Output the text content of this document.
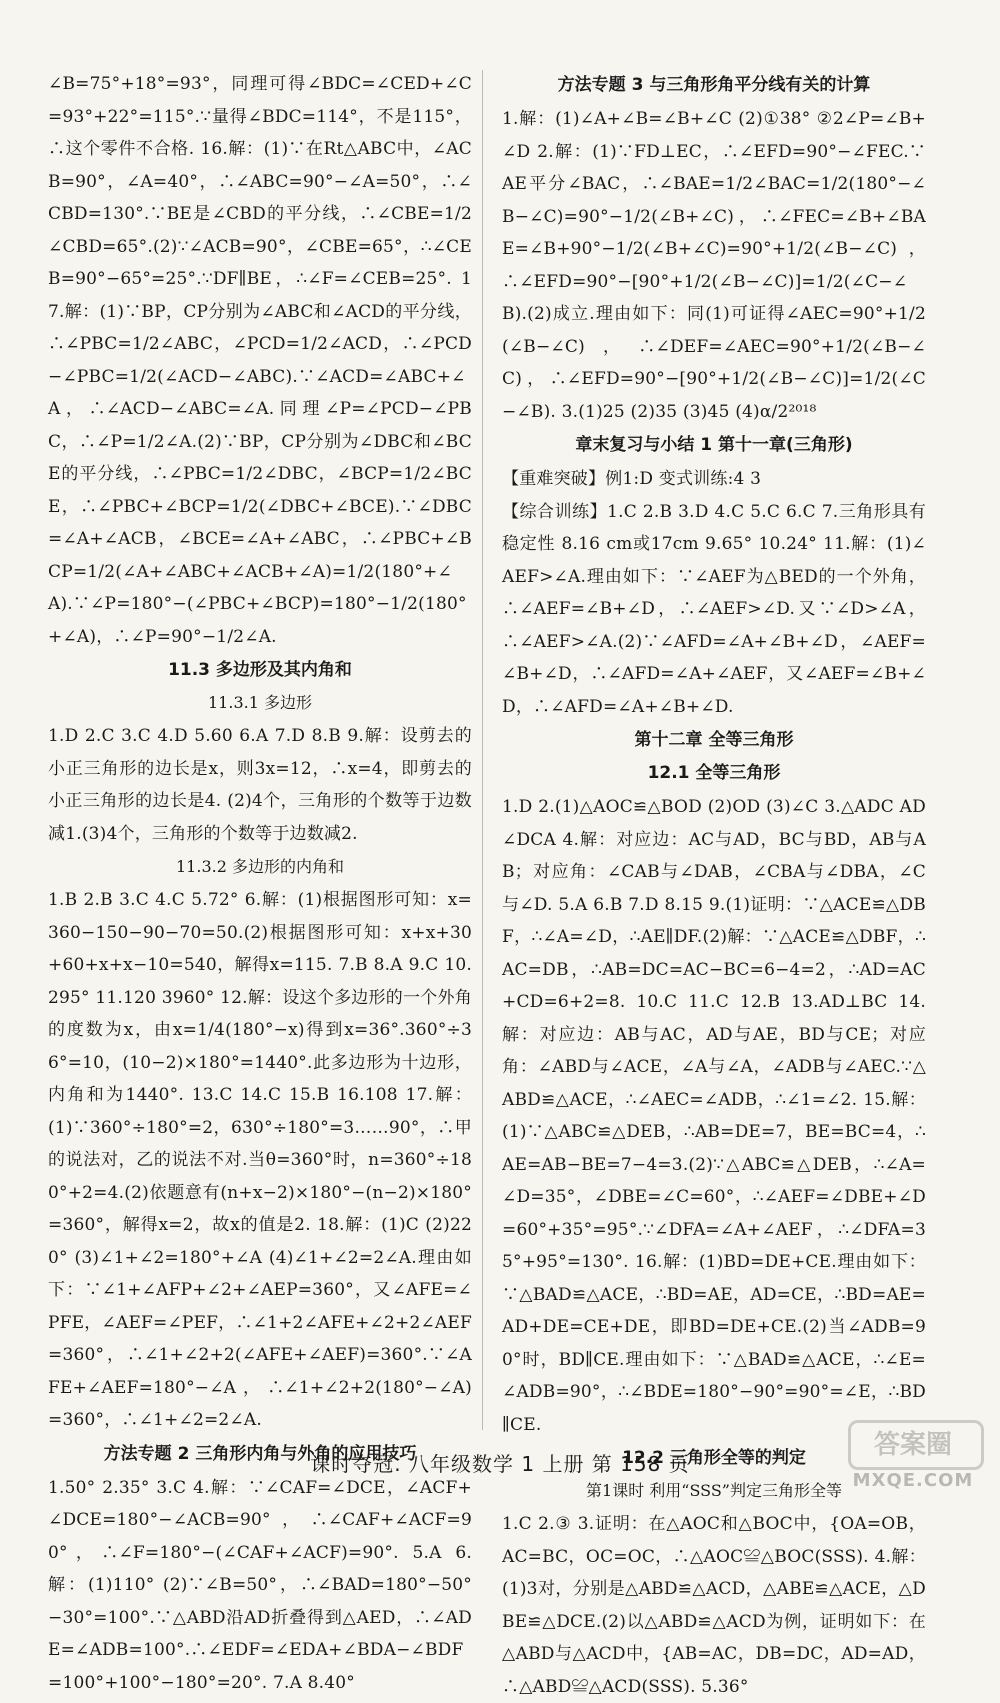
∠B=75°+18°=93°，同理可得∠BDC=∠CED+∠C=93°+22°=115°.∵量得∠BDC=114°，不是115°，∴这个零件不合格. 16.解：(1)∵在Rt△ABC中，∠ACB=90°，∠A=40°，∴∠ABC=90°−∠A=50°，∴∠CBD=130°.∵BE是∠CBD的平分线，∴∠CBE=1/2∠CBD=65°.(2)∵∠ACB=90°，∠CBE=65°，∴∠CEB=90°−65°=25°.∵DF∥BE，∴∠F=∠CEB=25°. 17.解：(1)∵BP，CP分别为∠ABC和∠ACD的平分线，∴∠PBC=1/2∠ABC，∠PCD=1/2∠ACD，∴∠PCD−∠PBC=1/2(∠ACD−∠ABC).∵∠ACD=∠ABC+∠A，∴∠ACD−∠ABC=∠A.同理∠P=∠PCD−∠PBC，∴∠P=1/2∠A.(2)∵BP，CP分别为∠DBC和∠BCE的平分线，∴∠PBC=1/2∠DBC，∠BCP=1/2∠BCE，∴∠PBC+∠BCP=1/2(∠DBC+∠BCE).∵∠DBC=∠A+∠ACB，∠BCE=∠A+∠ABC，∴∠PBC+∠BCP=1/2(∠A+∠ABC+∠ACB+∠A)=1/2(180°+∠A).∵∠P=180°−(∠PBC+∠BCP)=180°−1/2(180°+∠A)，∴∠P=90°−1/2∠A.

11.3 多边形及其内角和
11.3.1 多边形

1.D 2.C 3.C 4.D 5.60 6.A 7.D 8.B 9.解：设剪去的小正三角形的边长是x，则3x=12，∴x=4，即剪去的小正三角形的边长是4. (2)4个，三角形的个数等于边数减1.(3)4个，三角形的个数等于边数减2.

11.3.2 多边形的内角和

1.B 2.B 3.C 4.C 5.72° 6.解：(1)根据图形可知：x=360−150−90−70=50.(2)根据图形可知：x+x+30+60+x+x−10=540，解得x=115. 7.B 8.A 9.C 10.295° 11.120 3960° 12.解：设这个多边形的一个外角的度数为x，由x=1/4(180°−x)得到x=36°.360°÷36°=10，(10−2)×180°=1440°.此多边形为十边形，内角和为1440°. 13.C 14.C 15.B 16.108 17.解：(1)∵360°÷180°=2，630°÷180°=3……90°，∴甲的说法对，乙的说法不对.当θ=360°时，n=360°÷180°+2=4.(2)依题意有(n+x−2)×180°−(n−2)×180°=360°，解得x=2，故x的值是2. 18.解：(1)C (2)220° (3)∠1+∠2=180°+∠A (4)∠1+∠2=2∠A.理由如下：∵∠1+∠AFP+∠2+∠AEP=360°，又∠AFE=∠PFE，∠AEF=∠PEF，∴∠1+2∠AFE+∠2+2∠AEF=360°，∴∠1+∠2+2(∠AFE+∠AEF)=360°.∵∠AFE+∠AEF=180°−∠A，∴∠1+∠2+2(180°−∠A)=360°，∴∠1+∠2=2∠A.

方法专题 2 三角形内角与外角的应用技巧

1.50° 2.35° 3.C 4.解：∵∠CAF=∠DCE，∠ACF+∠DCE=180°−∠ACB=90°，∴∠CAF+∠ACF=90°，∴∠F=180°−(∠CAF+∠ACF)=90°. 5.A 6.解：(1)110° (2)∵∠B=50°，∴∠BAD=180°−50°−30°=100°.∵△ABD沿AD折叠得到△AED，∴∠ADE=∠ADB=100°.∴∠EDF=∠EDA+∠BDA−∠BDF=100°+100°−180°=20°. 7.A 8.40°

方法专题 3 与三角形角平分线有关的计算

1.解：(1)∠A+∠B=∠B+∠C (2)①38° ②2∠P=∠B+∠D 2.解：(1)∵FD⊥EC，∴∠EFD=90°−∠FEC.∵AE平分∠BAC，∴∠BAE=1/2∠BAC=1/2(180°−∠B−∠C)=90°−1/2(∠B+∠C)，∴∠FEC=∠B+∠BAE=∠B+90°−1/2(∠B+∠C)=90°+1/2(∠B−∠C)，∴∠EFD=90°−[90°+1/2(∠B−∠C)]=1/2(∠C−∠B).(2)成立.理由如下：同(1)可证得∠AEC=90°+1/2(∠B−∠C)，∴∠DEF=∠AEC=90°+1/2(∠B−∠C)，∴∠EFD=90°−[90°+1/2(∠B−∠C)]=1/2(∠C−∠B). 3.(1)25 (2)35 (3)45 (4)α/2²⁰¹⁸

章末复习与小结 1 第十一章(三角形)

【重难突破】例1:D 变式训练:4 3

【综合训练】1.C 2.B 3.D 4.C 5.C 6.C 7.三角形具有稳定性 8.16 cm或17cm 9.65° 10.24° 11.解：(1)∠AEF>∠A.理由如下：∵∠AEF为△BED的一个外角，∴∠AEF=∠B+∠D，∴∠AEF>∠D.又∵∠D>∠A，∴∠AEF>∠A.(2)∵∠AFD=∠A+∠B+∠D，∠AEF=∠B+∠D，∴∠AFD=∠A+∠AEF，又∠AEF=∠B+∠D，∴∠AFD=∠A+∠B+∠D.

第十二章 全等三角形
12.1 全等三角形

1.D 2.(1)△AOC≌△BOD (2)OD (3)∠C 3.△ADC AD ∠DCA 4.解：对应边：AC与AD，BC与BD，AB与AB；对应角：∠CAB与∠DAB，∠CBA与∠DBA，∠C与∠D. 5.A 6.B 7.D 8.15 9.(1)证明：∵△ACE≌△DBF，∴∠A=∠D，∴AE∥DF.(2)解：∵△ACE≌△DBF，∴AC=DB，∴AB=DC=AC−BC=6−4=2，∴AD=AC+CD=6+2=8. 10.C 11.C 12.B 13.AD⊥BC 14.解：对应边：AB与AC，AD与AE，BD与CE；对应角：∠ABD与∠ACE，∠A与∠A，∠ADB与∠AEC.∵△ABD≌△ACE，∴∠AEC=∠ADB，∴∠1=∠2. 15.解：(1)∵△ABC≌△DEB，∴AB=DE=7，BE=BC=4，∴AE=AB−BE=7−4=3.(2)∵△ABC≌△DEB，∴∠A=∠D=35°，∠DBE=∠C=60°，∴∠AEF=∠DBE+∠D=60°+35°=95°.∵∠DFA=∠A+∠AEF，∴∠DFA=35°+95°=130°. 16.解：(1)BD=DE+CE.理由如下：∵△BAD≌△ACE，∴BD=AE，AD=CE，∴BD=AE=AD+DE=CE+DE，即BD=DE+CE.(2)当∠ADB=90°时，BD∥CE.理由如下：∵△BAD≌△ACE，∴∠E=∠ADB=90°，∴∠BDE=180°−90°=90°=∠E，∴BD∥CE.

12.2 三角形全等的判定
第1课时 利用“SSS”判定三角形全等

1.C 2.③ 3.证明：在△AOC和△BOC中，{OA=OB，AC=BC，OC=OC，∴△AOC≌△BOC(SSS). 4.解：(1)3对，分别是△ABD≌△ACD，△ABE≌△ACE，△DBE≌△DCE.(2)以△ABD≌△ACD为例，证明如下：在△ABD与△ACD中，{AB=AC，DB=DC，AD=AD，∴△ABD≌△ACD(SSS). 5.36°

课时夺冠. 八年级数学 1 上册 第 158 页
答案圈
MXQE.COM
